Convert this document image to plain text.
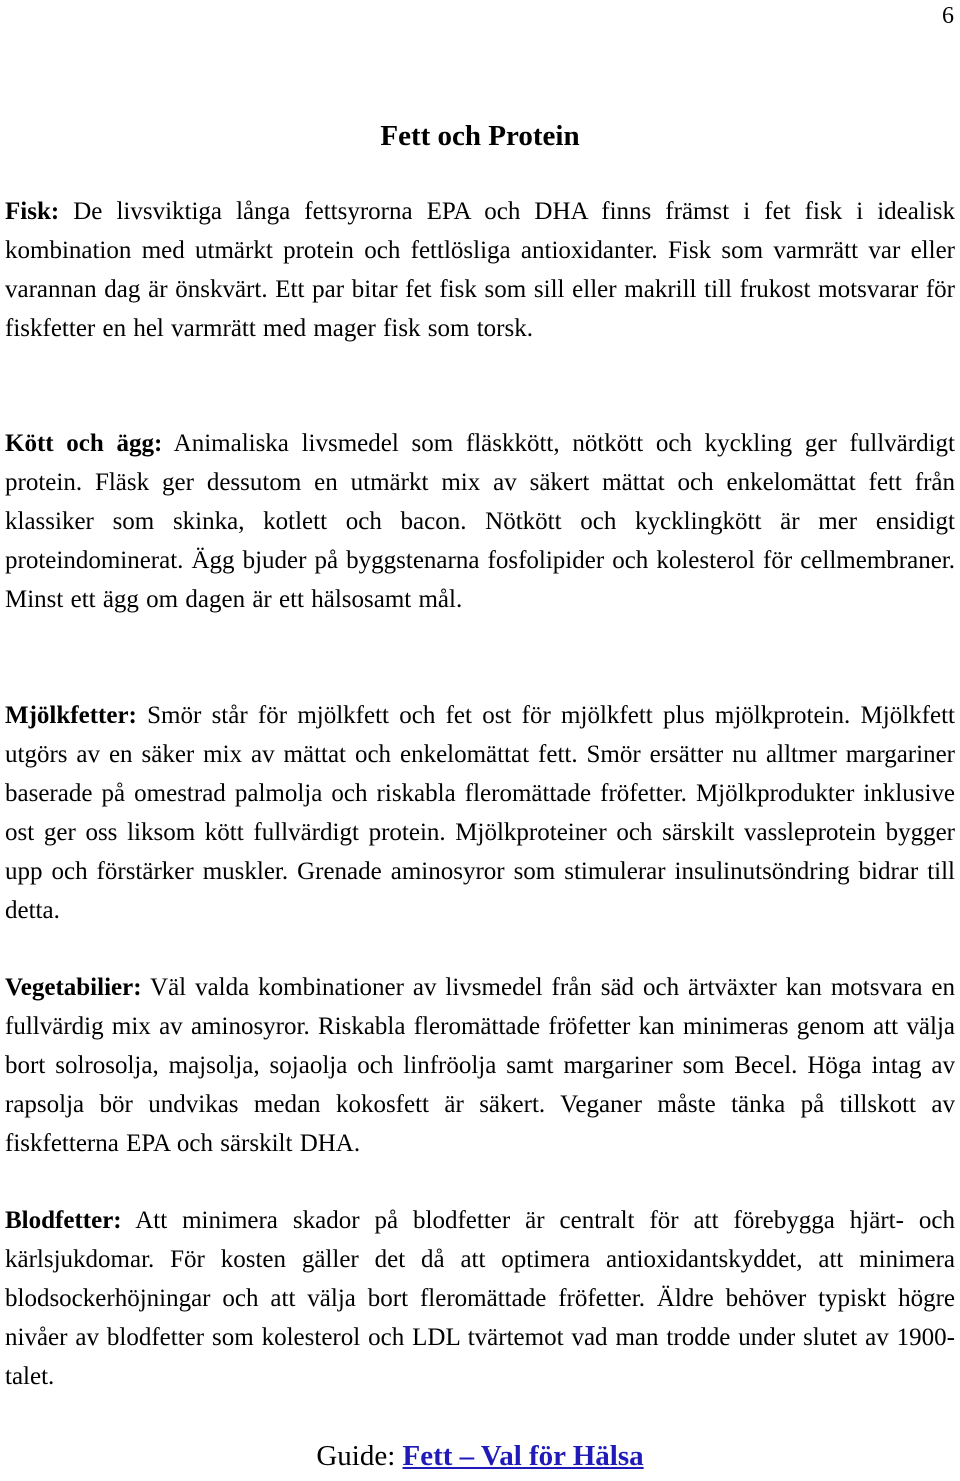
6
Fett och Protein

Fisk: De livsviktiga långa fettsyrorna EPA och DHA finns främst i fet fisk i idealisk kombination med utmärkt protein och fettlösliga antioxidanter. Fisk som varmrätt var eller varannan dag är önskvärt. Ett par bitar fet fisk som sill eller makrill till frukost motsvarar för fiskfetter en hel varmrätt med mager fisk som torsk.

Kött och ägg: Animaliska livsmedel som fläskkött, nötkött och kyckling ger fullvärdigt protein. Fläsk ger dessutom en utmärkt mix av säkert mättat och enkelomättat fett från klassiker som skinka, kotlett och bacon. Nötkött och kycklingkött är mer ensidigt proteindominerat. Ägg bjuder på byggstenarna fosfolipider och kolesterol för cellmembraner. Minst ett ägg om dagen är ett hälsosamt mål.

Mjölkfetter: Smör står för mjölkfett och fet ost för mjölkfett plus mjölkprotein. Mjölkfett utgörs av en säker mix av mättat och enkelomättat fett. Smör ersätter nu alltmer margariner baserade på omestrad palmolja och riskabla fleromättade fröfetter. Mjölkprodukter inklusive ost ger oss liksom kött fullvärdigt protein. Mjölkproteiner och särskilt vassleprotein bygger upp och förstärker muskler. Grenade aminosyror som stimulerar insulinutsöndring bidrar till detta.

Vegetabilier: Väl valda kombinationer av livsmedel från säd och ärtväxter kan motsvara en fullvärdig mix av aminosyror. Riskabla fleromättade fröfetter kan minimeras genom att välja bort solrosolja, majsolja, sojaolja och linfröolja samt margariner som Becel. Höga intag av rapsolja bör undvikas medan kokosfett är säkert. Veganer måste tänka på tillskott av fiskfetterna EPA och särskilt DHA.

Blodfetter: Att minimera skador på blodfetter är centralt för att förebygga hjärt- och kärlsjukdomar. För kosten gäller det då att optimera antioxidantskyddet, att minimera blodsockerhöjningar och att välja bort fleromättade fröfetter. Äldre behöver typiskt högre nivåer av blodfetter som kolesterol och LDL tvärtemot vad man trodde under slutet av 1900-talet.

Guide: Fett – Val för Hälsa
